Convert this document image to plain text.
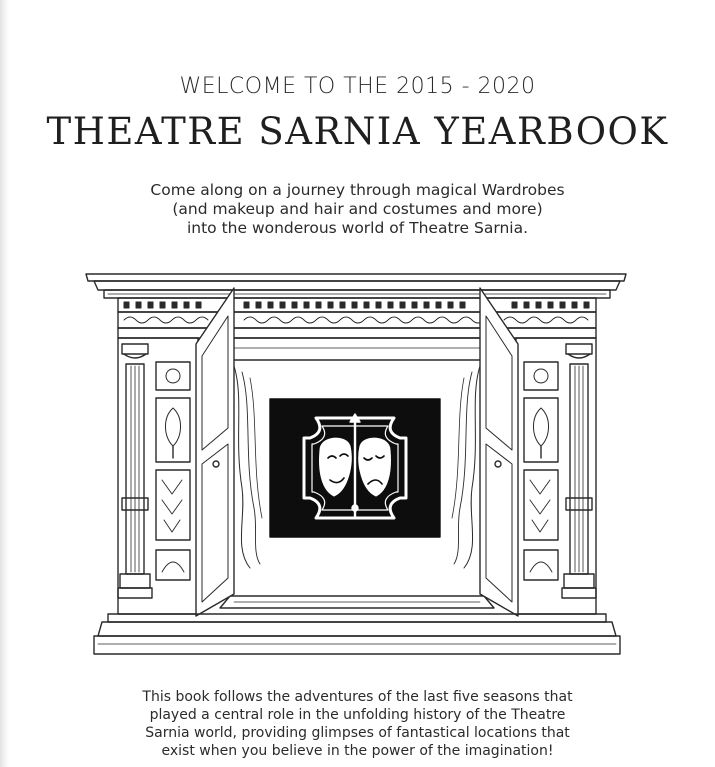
WELCOME TO THE 2015 - 2020
THEATRE SARNIA YEARBOOK
Come along on a journey through magical Wardrobes
(and makeup and hair and costumes and more)
into the wonderous world of Theatre Sarnia.
This book follows the adventures of the last five seasons that
played a central role in the unfolding history of the Theatre
Sarnia world, providing glimpses of fantastical locations that
exist when you believe in the power of the imagination!
